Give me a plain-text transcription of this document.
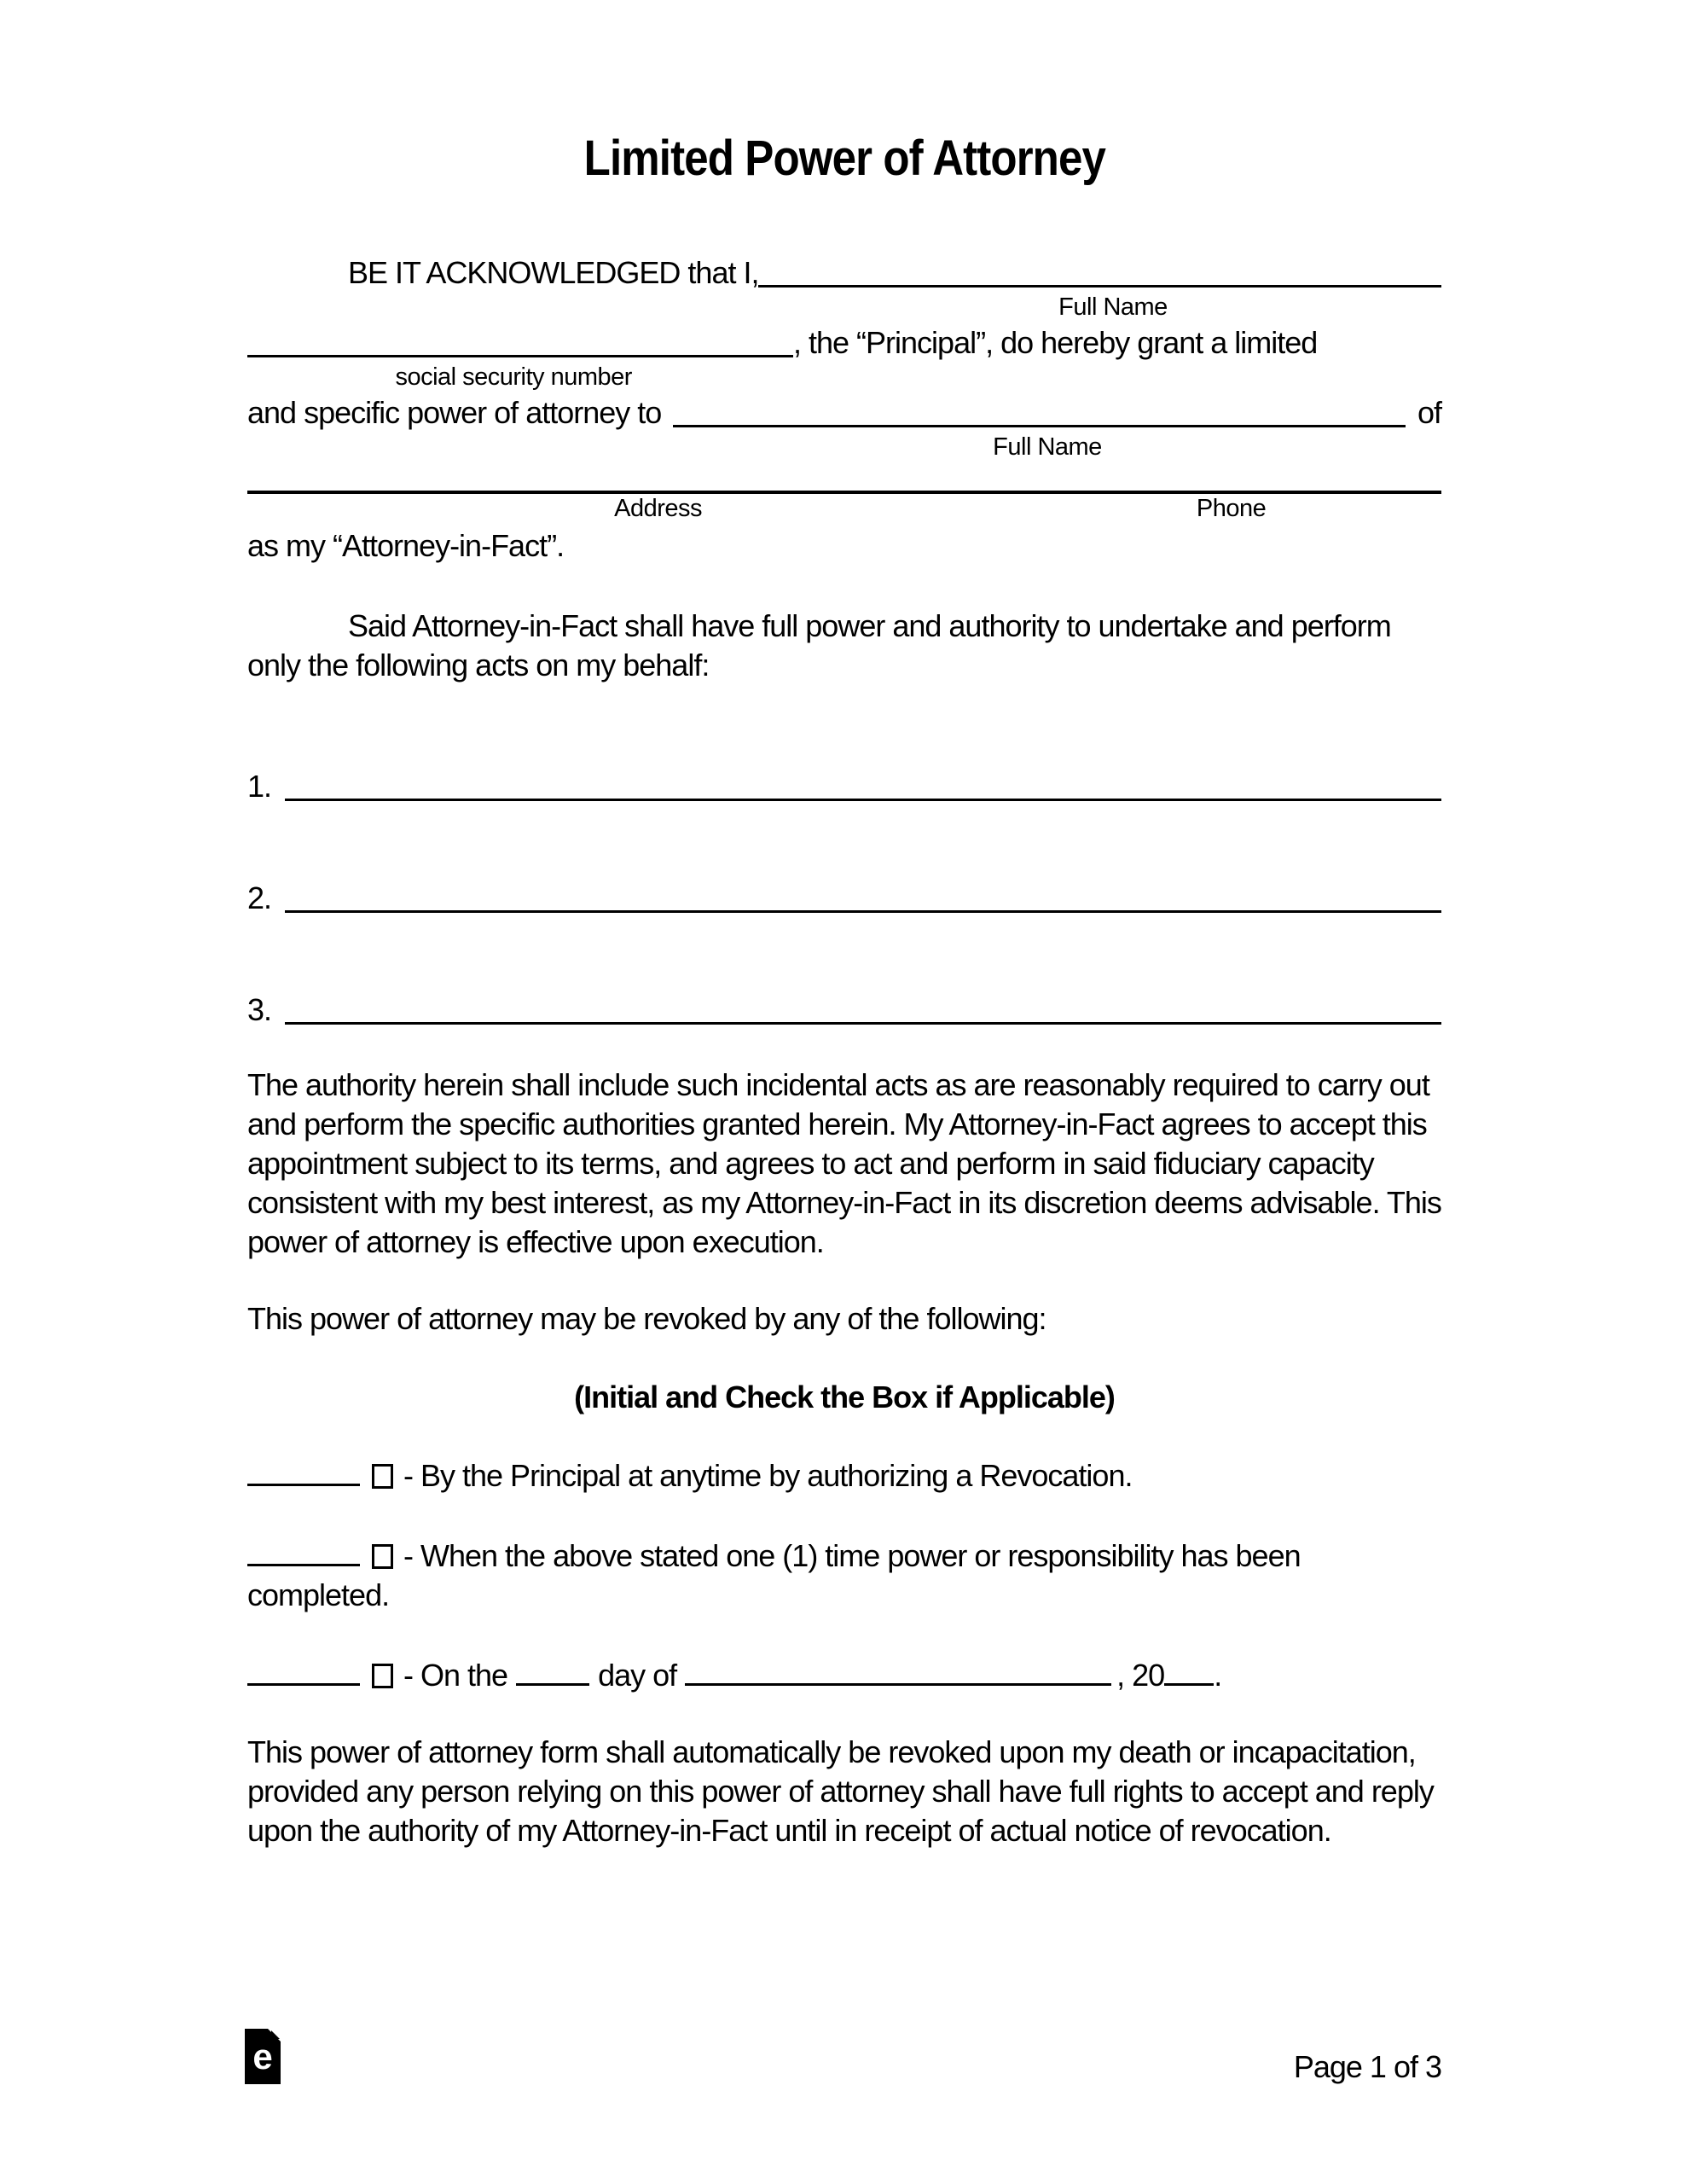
Limited Power of Attorney
BE IT ACKNOWLEDGED that I,
Full Name
, the “Principal”, do hereby grant a limited
social security number
and specific power of attorney to	of
Full Name
Address	Phone

as my “Attorney-in-Fact”.

Said Attorney-in-Fact shall have full power and authority to undertake and perform only the following acts on my behalf:

1.
2.
3.

The authority herein shall include such incidental acts as are reasonably required to carry out and perform the specific authorities granted herein. My Attorney-in-Fact agrees to accept this appointment subject to its terms, and agrees to act and perform in said fiduciary capacity consistent with my best interest, as my Attorney-in-Fact in its discretion deems advisable. This power of attorney is effective upon execution.

This power of attorney may be revoked by any of the following:

(Initial and Check the Box if Applicable)

- By the Principal at anytime by authorizing a Revocation.

- When the above stated one (1) time power or responsibility has been completed.

- On the	day of	, 20 .

This power of attorney form shall automatically be revoked upon my death or incapacitation, provided any person relying on this power of attorney shall have full rights to accept and reply upon the authority of my Attorney-in-Fact until in receipt of actual notice of revocation.

e	Page 1 of 3
